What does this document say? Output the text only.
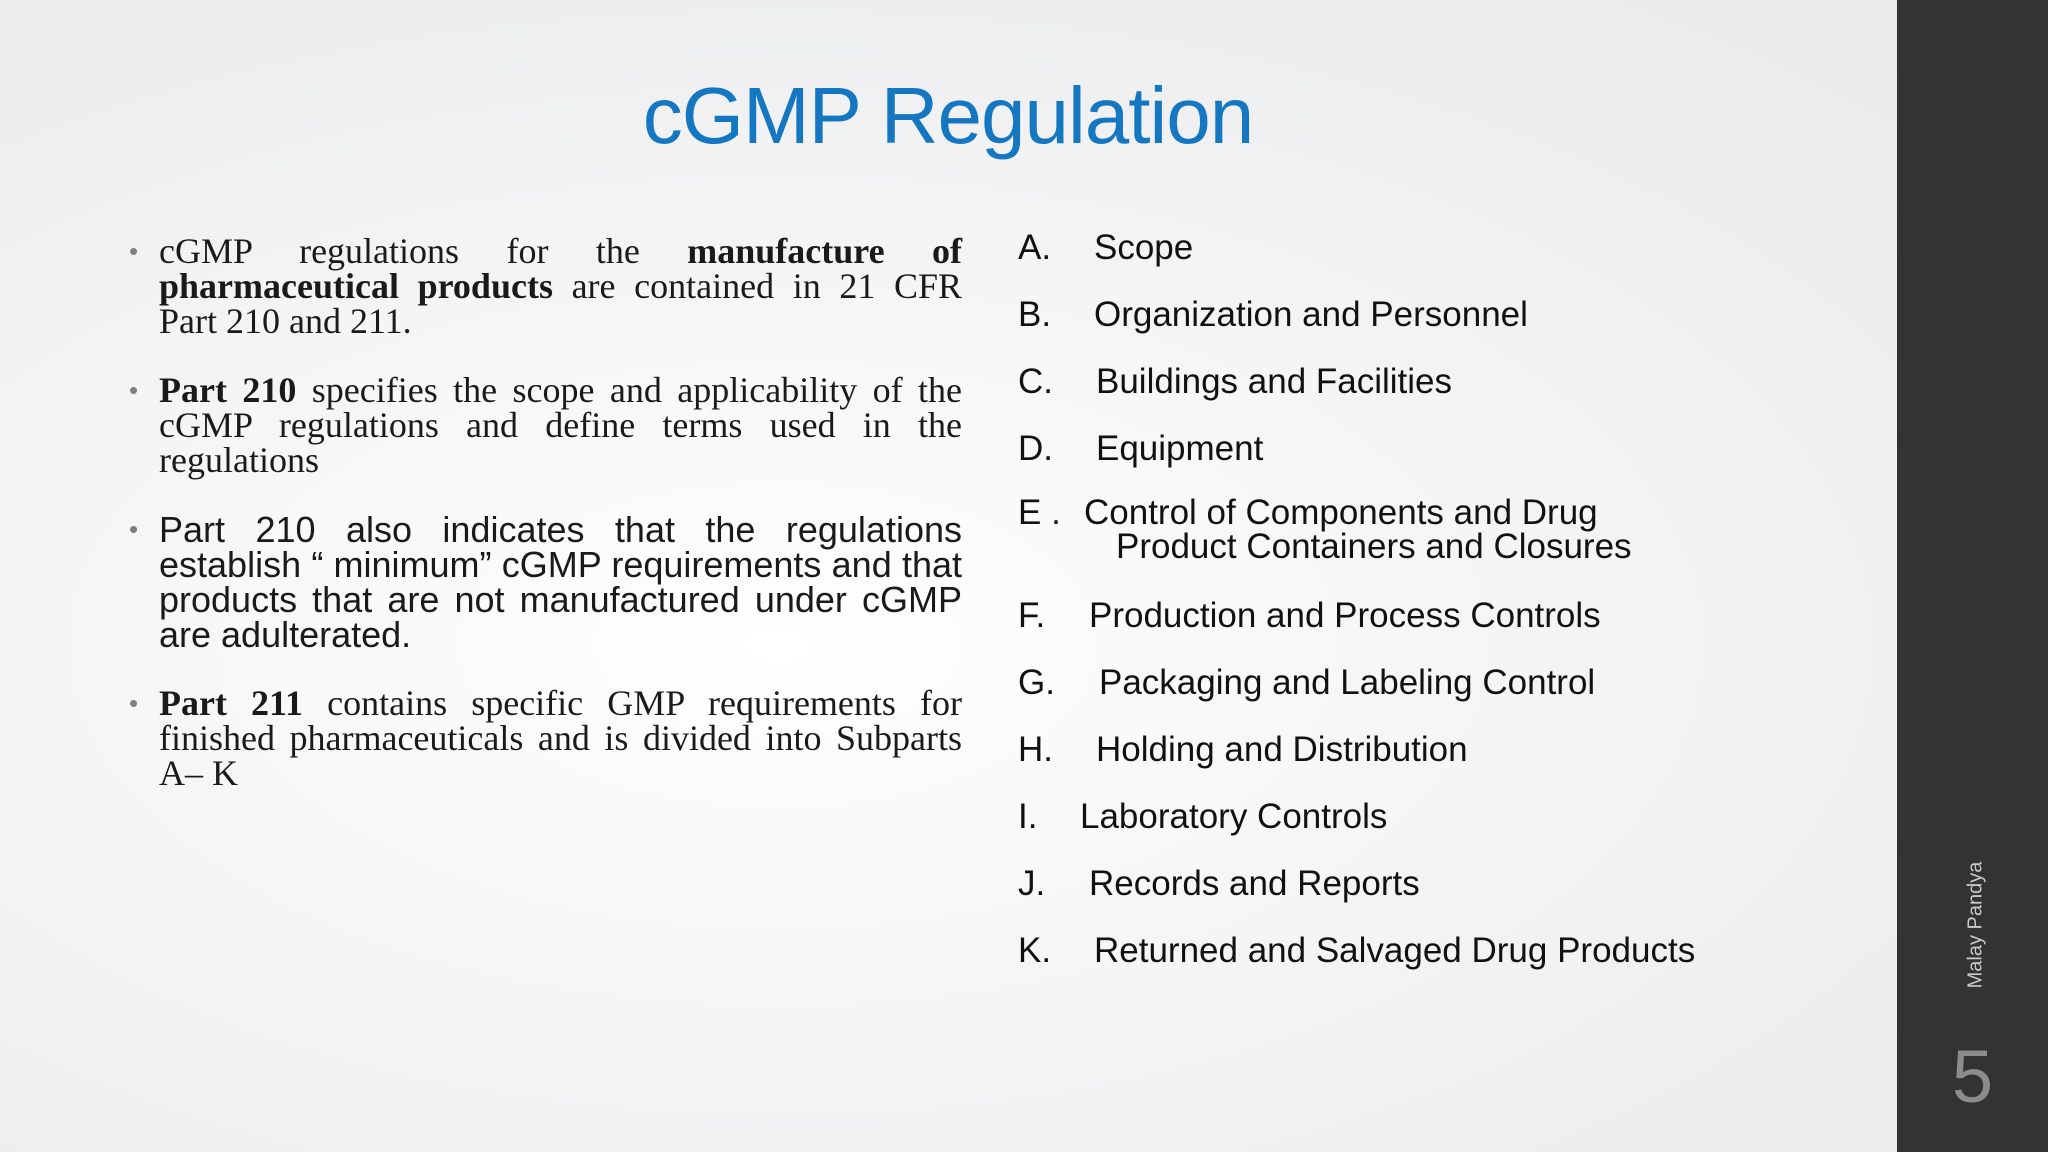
cGMP Regulation
• cGMP regulations for the manufacture of pharmaceutical products are contained in 21 CFR Part 210 and 211.
• Part 210 specifies the scope and applicability of the cGMP regulations and define terms used in the regulations
• Part 210 also indicates that the regulations establish “ minimum” cGMP requirements and that products that are not manufactured under cGMP are adulterated.
• Part 211 contains specific GMP requirements for finished pharmaceuticals and is divided into Subparts A– K
A. Scope
B. Organization and Personnel
C. Buildings and Facilities
D. Equipment
E . Control of Components and Drug
Product Containers and Closures
F. Production and Process Controls
G. Packaging and Labeling Control
H. Holding and Distribution
I. Laboratory Controls
J. Records and Reports
K. Returned and Salvaged Drug Products	Malay Pandya
5
